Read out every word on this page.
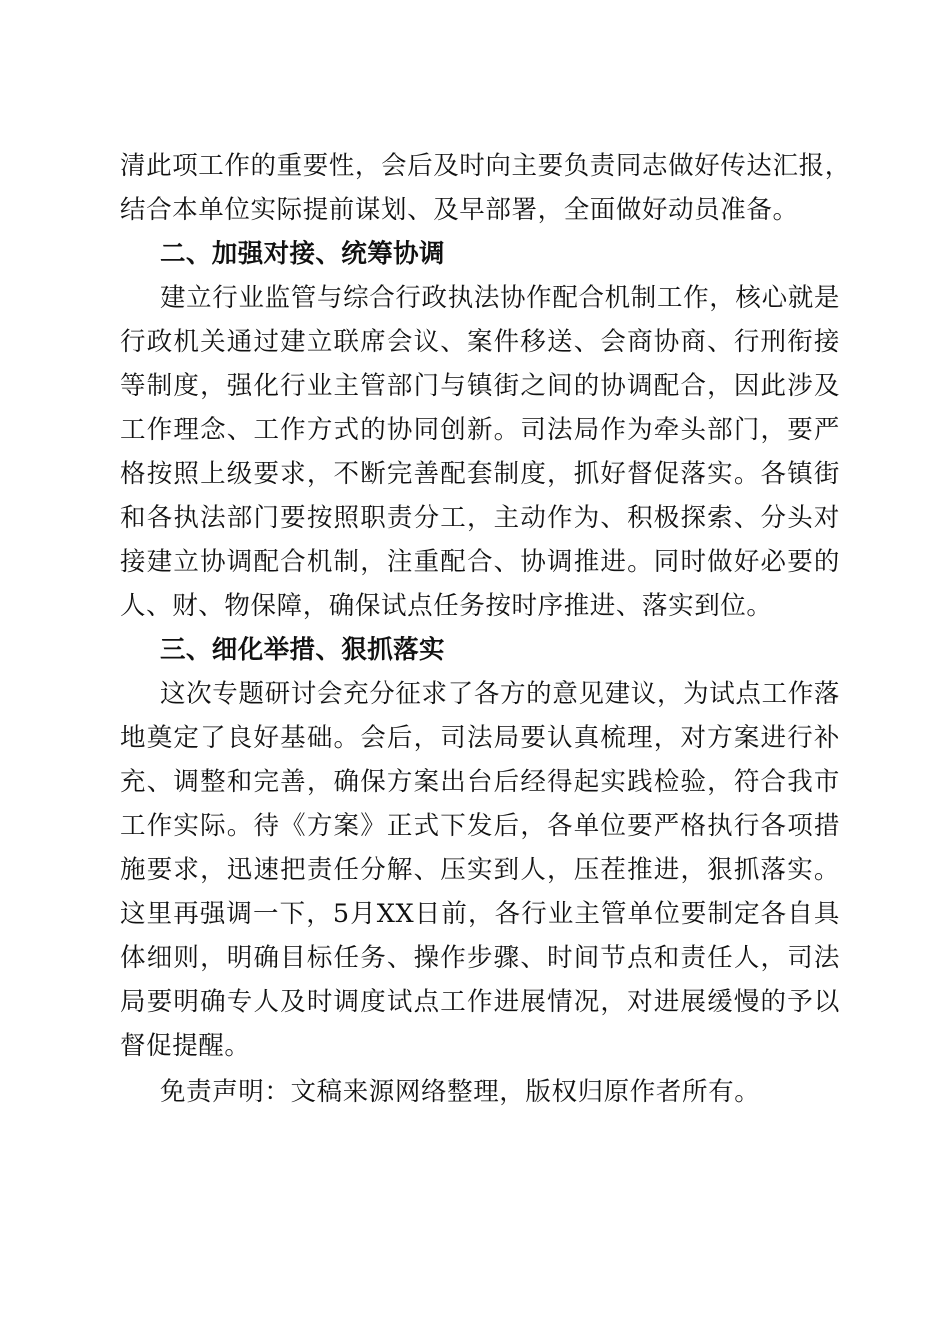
清此项工作的重要性，会后及时向主要负责同志做好传达汇报，
结合本单位实际提前谋划、及早部署，全面做好动员准备。
二、加强对接、统筹协调
建立行业监管与综合行政执法协作配合机制工作，核心就是
行政机关通过建立联席会议、案件移送、会商协商、行刑衔接
等制度，强化行业主管部门与镇街之间的协调配合，因此涉及
工作理念、工作方式的协同创新。司法局作为牵头部门，要严
格按照上级要求，不断完善配套制度，抓好督促落实。各镇街
和各执法部门要按照职责分工，主动作为、积极探索、分头对
接建立协调配合机制，注重配合、协调推进。同时做好必要的
人、财、物保障，确保试点任务按时序推进、落实到位。
三、细化举措、狠抓落实
这次专题研讨会充分征求了各方的意见建议，为试点工作落
地奠定了良好基础。会后，司法局要认真梳理，对方案进行补
充、调整和完善，确保方案出台后经得起实践检验，符合我市
工作实际。待《方案》正式下发后，各单位要严格执行各项措
施要求，迅速把责任分解、压实到人，压茬推进，狠抓落实。
这里再强调一下，5月XX日前，各行业主管单位要制定各自具
体细则，明确目标任务、操作步骤、时间节点和责任人，司法
局要明确专人及时调度试点工作进展情况，对进展缓慢的予以
督促提醒。
免责声明：文稿来源网络整理，版权归原作者所有。
